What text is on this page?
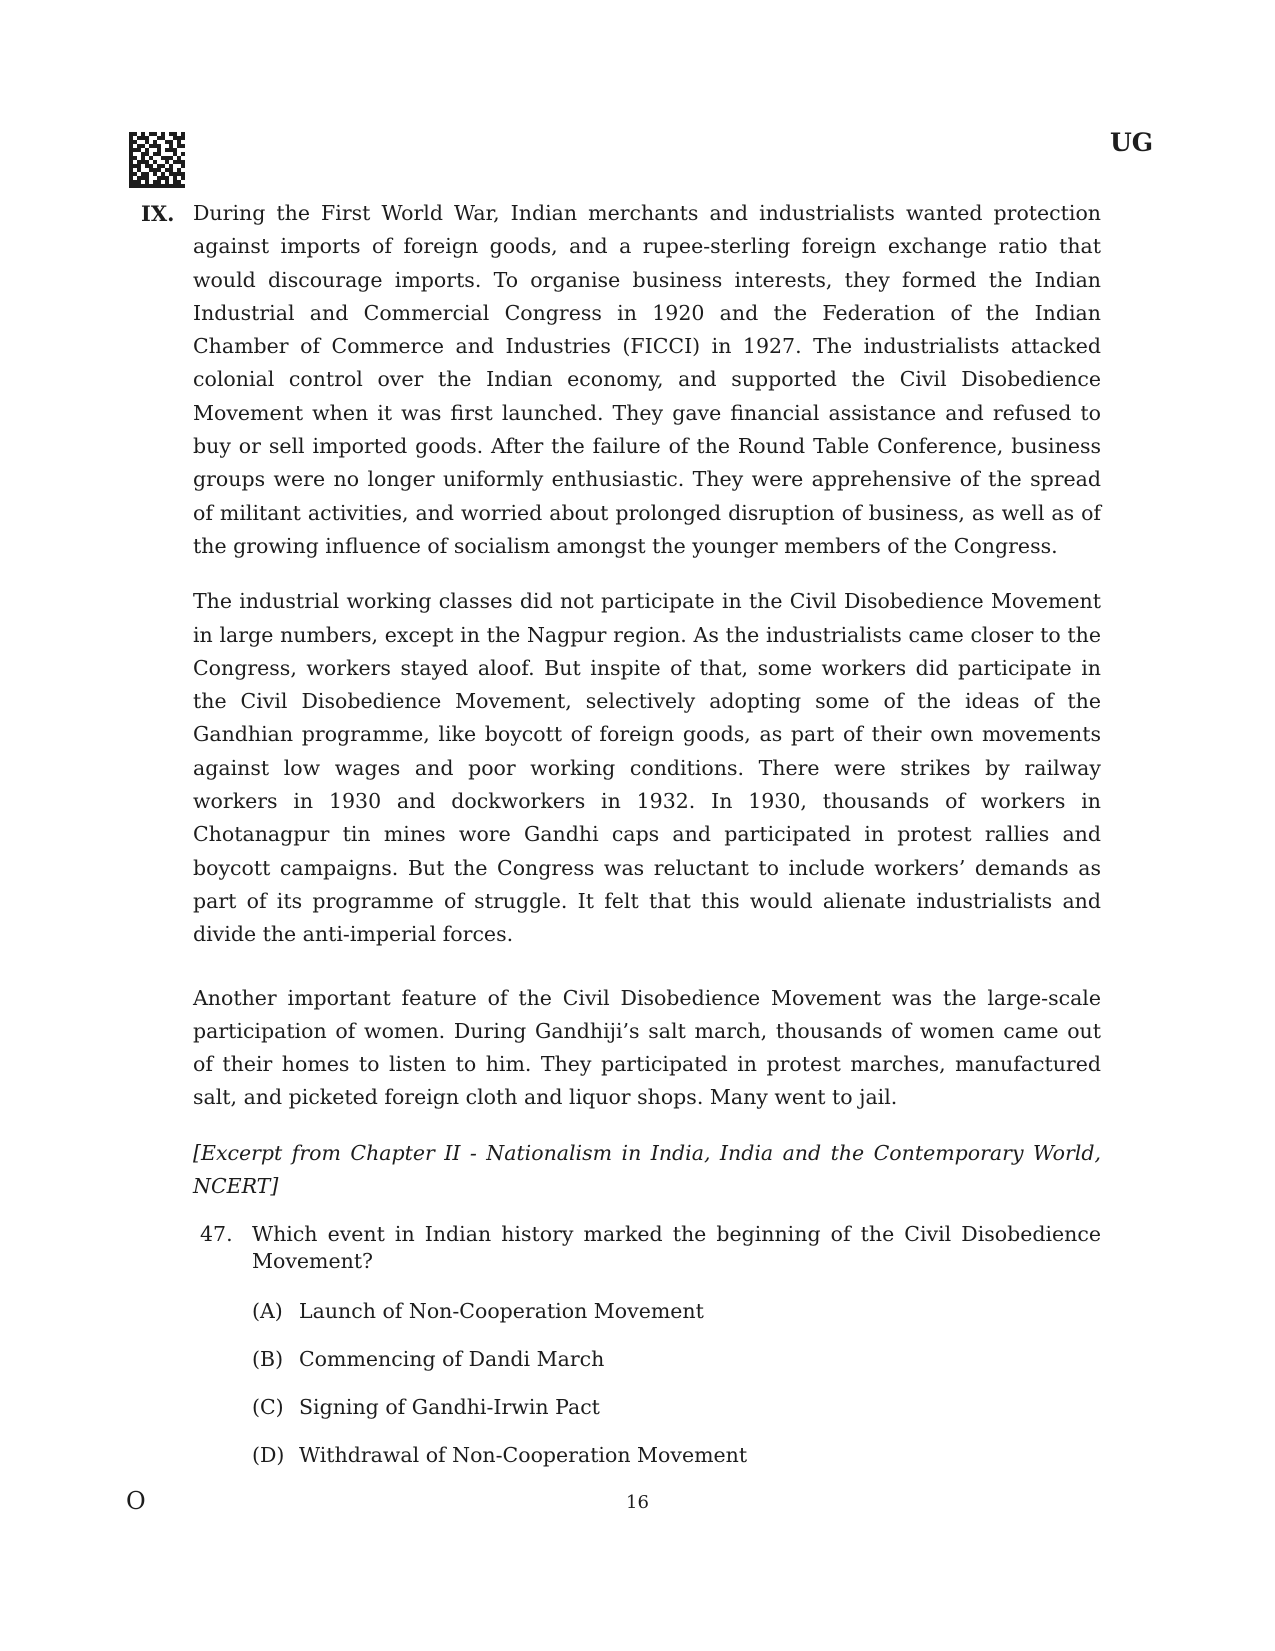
UG
IX. During the First World War, Indian merchants and industrialists wanted protection against imports of foreign goods, and a rupee-sterling foreign exchange ratio that would discourage imports. To organise business interests, they formed the Indian Industrial and Commercial Congress in 1920 and the Federation of the Indian Chamber of Commerce and Industries (FICCI) in 1927. The industrialists attacked colonial control over the Indian economy, and supported the Civil Disobedience Movement when it was first launched. They gave financial assistance and refused to buy or sell imported goods. After the failure of the Round Table Conference, business groups were no longer uniformly enthusiastic. They were apprehensive of the spread of militant activities, and worried about prolonged disruption of business, as well as of the growing influence of socialism amongst the younger members of the Congress.

The industrial working classes did not participate in the Civil Disobedience Movement in large numbers, except in the Nagpur region. As the industrialists came closer to the Congress, workers stayed aloof. But inspite of that, some workers did participate in the Civil Disobedience Movement, selectively adopting some of the ideas of the Gandhian programme, like boycott of foreign goods, as part of their own movements against low wages and poor working conditions. There were strikes by railway workers in 1930 and dockworkers in 1932. In 1930, thousands of workers in Chotanagpur tin mines wore Gandhi caps and participated in protest rallies and boycott campaigns. But the Congress was reluctant to include workers’ demands as part of its programme of struggle. It felt that this would alienate industrialists and divide the anti-imperial forces.

Another important feature of the Civil Disobedience Movement was the large-scale participation of women. During Gandhiji’s salt march, thousands of women came out of their homes to listen to him. They participated in protest marches, manufactured salt, and picketed foreign cloth and liquor shops. Many went to jail.

[Excerpt from Chapter II - Nationalism in India, India and the Contemporary World, NCERT]

47. Which event in Indian history marked the beginning of the Civil Disobedience Movement?
(A) Launch of Non-Cooperation Movement
(B) Commencing of Dandi March
(C) Signing of Gandhi-Irwin Pact
(D) Withdrawal of Non-Cooperation Movement
O	16
